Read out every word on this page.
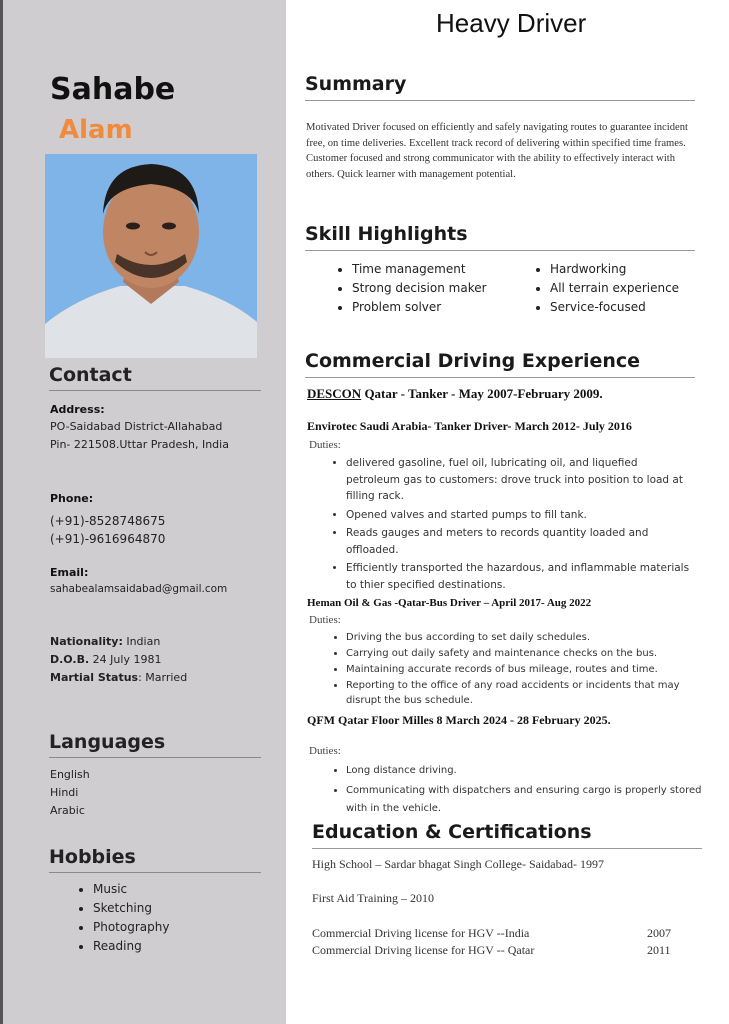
Sahabe
Alam
Contact
Address:
PO-Saidabad District-Allahabad
Pin- 221508.Uttar Pradesh, India
Phone:
(+91)-8528748675
(+91)-9616964870
Email:
sahabealamsaidabad@gmail.com
Nationality: Indian
D.O.B. 24 July 1981
Martial Status: Married
Languages
English
Hindi
Arabic
Hobbies
• Music
• Sketching
• Photography
• Reading
Heavy Driver
Summary
Motivated Driver focused on efficiently and safely navigating routes to guarantee incident free, on time deliveries. Excellent track record of delivering within specified time frames. Customer focused and strong communicator with the ability to effectively interact with others. Quick learner with management potential.
Skill Highlights
• Time management
• Strong decision maker
• Problem solver
• Hardworking
• All terrain experience
• Service-focused
Commercial Driving Experience
DESCON Qatar - Tanker - May 2007-February 2009.
Envirotec Saudi Arabia- Tanker Driver- March 2012- July 2016
Duties:
• delivered gasoline, fuel oil, lubricating oil, and liquefied petroleum gas to customers: drove truck into position to load at filling rack.
• Opened valves and started pumps to fill tank.
• Reads gauges and meters to records quantity loaded and offloaded.
• Efficiently transported the hazardous, and inflammable materials to thier specified destinations.
Heman Oil & Gas -Qatar-Bus Driver – April 2017- Aug 2022
Duties:
• Driving the bus according to set daily schedules.
• Carrying out daily safety and maintenance checks on the bus.
• Maintaining accurate records of bus mileage, routes and time.
• Reporting to the office of any road accidents or incidents that may disrupt the bus schedule.
QFM Qatar Floor Milles 8 March 2024 - 28 February 2025.
Duties:
• Long distance driving.
• Communicating with dispatchers and ensuring cargo is properly stored with in the vehicle.
Education & Certifications
High School – Sardar bhagat Singh College- Saidabad- 1997
First Aid Training – 2010
Commercial Driving license for HGV --India	2007
Commercial Driving license for HGV -- Qatar	2011
